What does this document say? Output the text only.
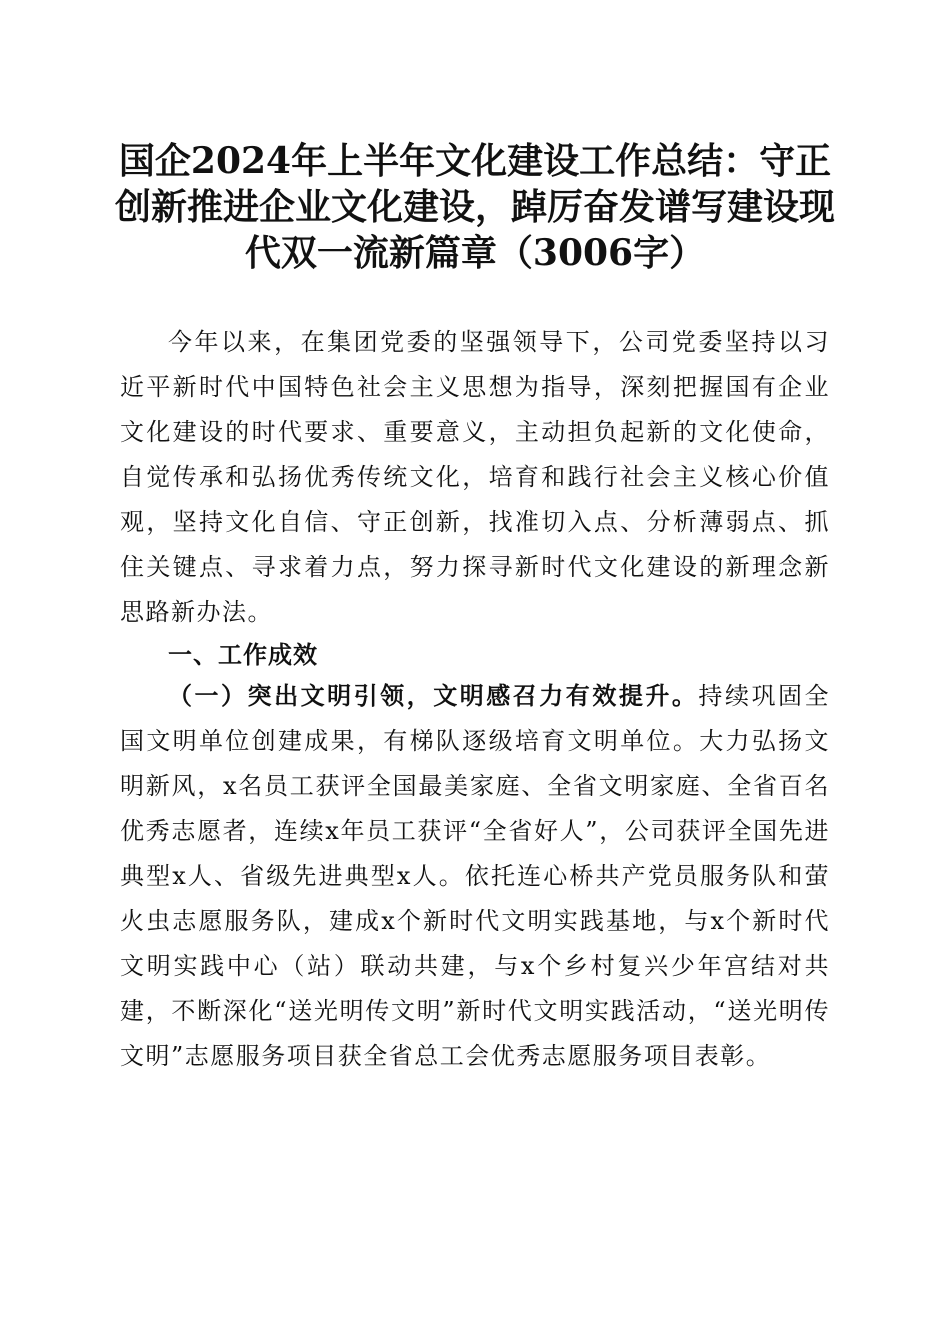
国企2024年上半年文化建设工作总结：守正
创新推进企业文化建设，踔厉奋发谱写建设现
代双一流新篇章（3006字）

今年以来，在集团党委的坚强领导下，公司党委坚持以习近平新时代中国特色社会主义思想为指导，深刻把握国有企业文化建设的时代要求、重要意义，主动担负起新的文化使命，自觉传承和弘扬优秀传统文化，培育和践行社会主义核心价值观，坚持文化自信、守正创新，找准切入点、分析薄弱点、抓住关键点、寻求着力点，努力探寻新时代文化建设的新理念新思路新办法。

一、工作成效

（一）突出文明引领，文明感召力有效提升。持续巩固全国文明单位创建成果，有梯队逐级培育文明单位。大力弘扬文明新风，x名员工获评全国最美家庭、全省文明家庭、全省百名优秀志愿者，连续x年员工获评“全省好人”，公司获评全国先进典型x人、省级先进典型x人。依托连心桥共产党员服务队和萤火虫志愿服务队，建成x个新时代文明实践基地，与x个新时代文明实践中心（站）联动共建，与x个乡村复兴少年宫结对共建，不断深化“送光明传文明”新时代文明实践活动，“送光明传文明”志愿服务项目获全省总工会优秀志愿服务项目表彰。
